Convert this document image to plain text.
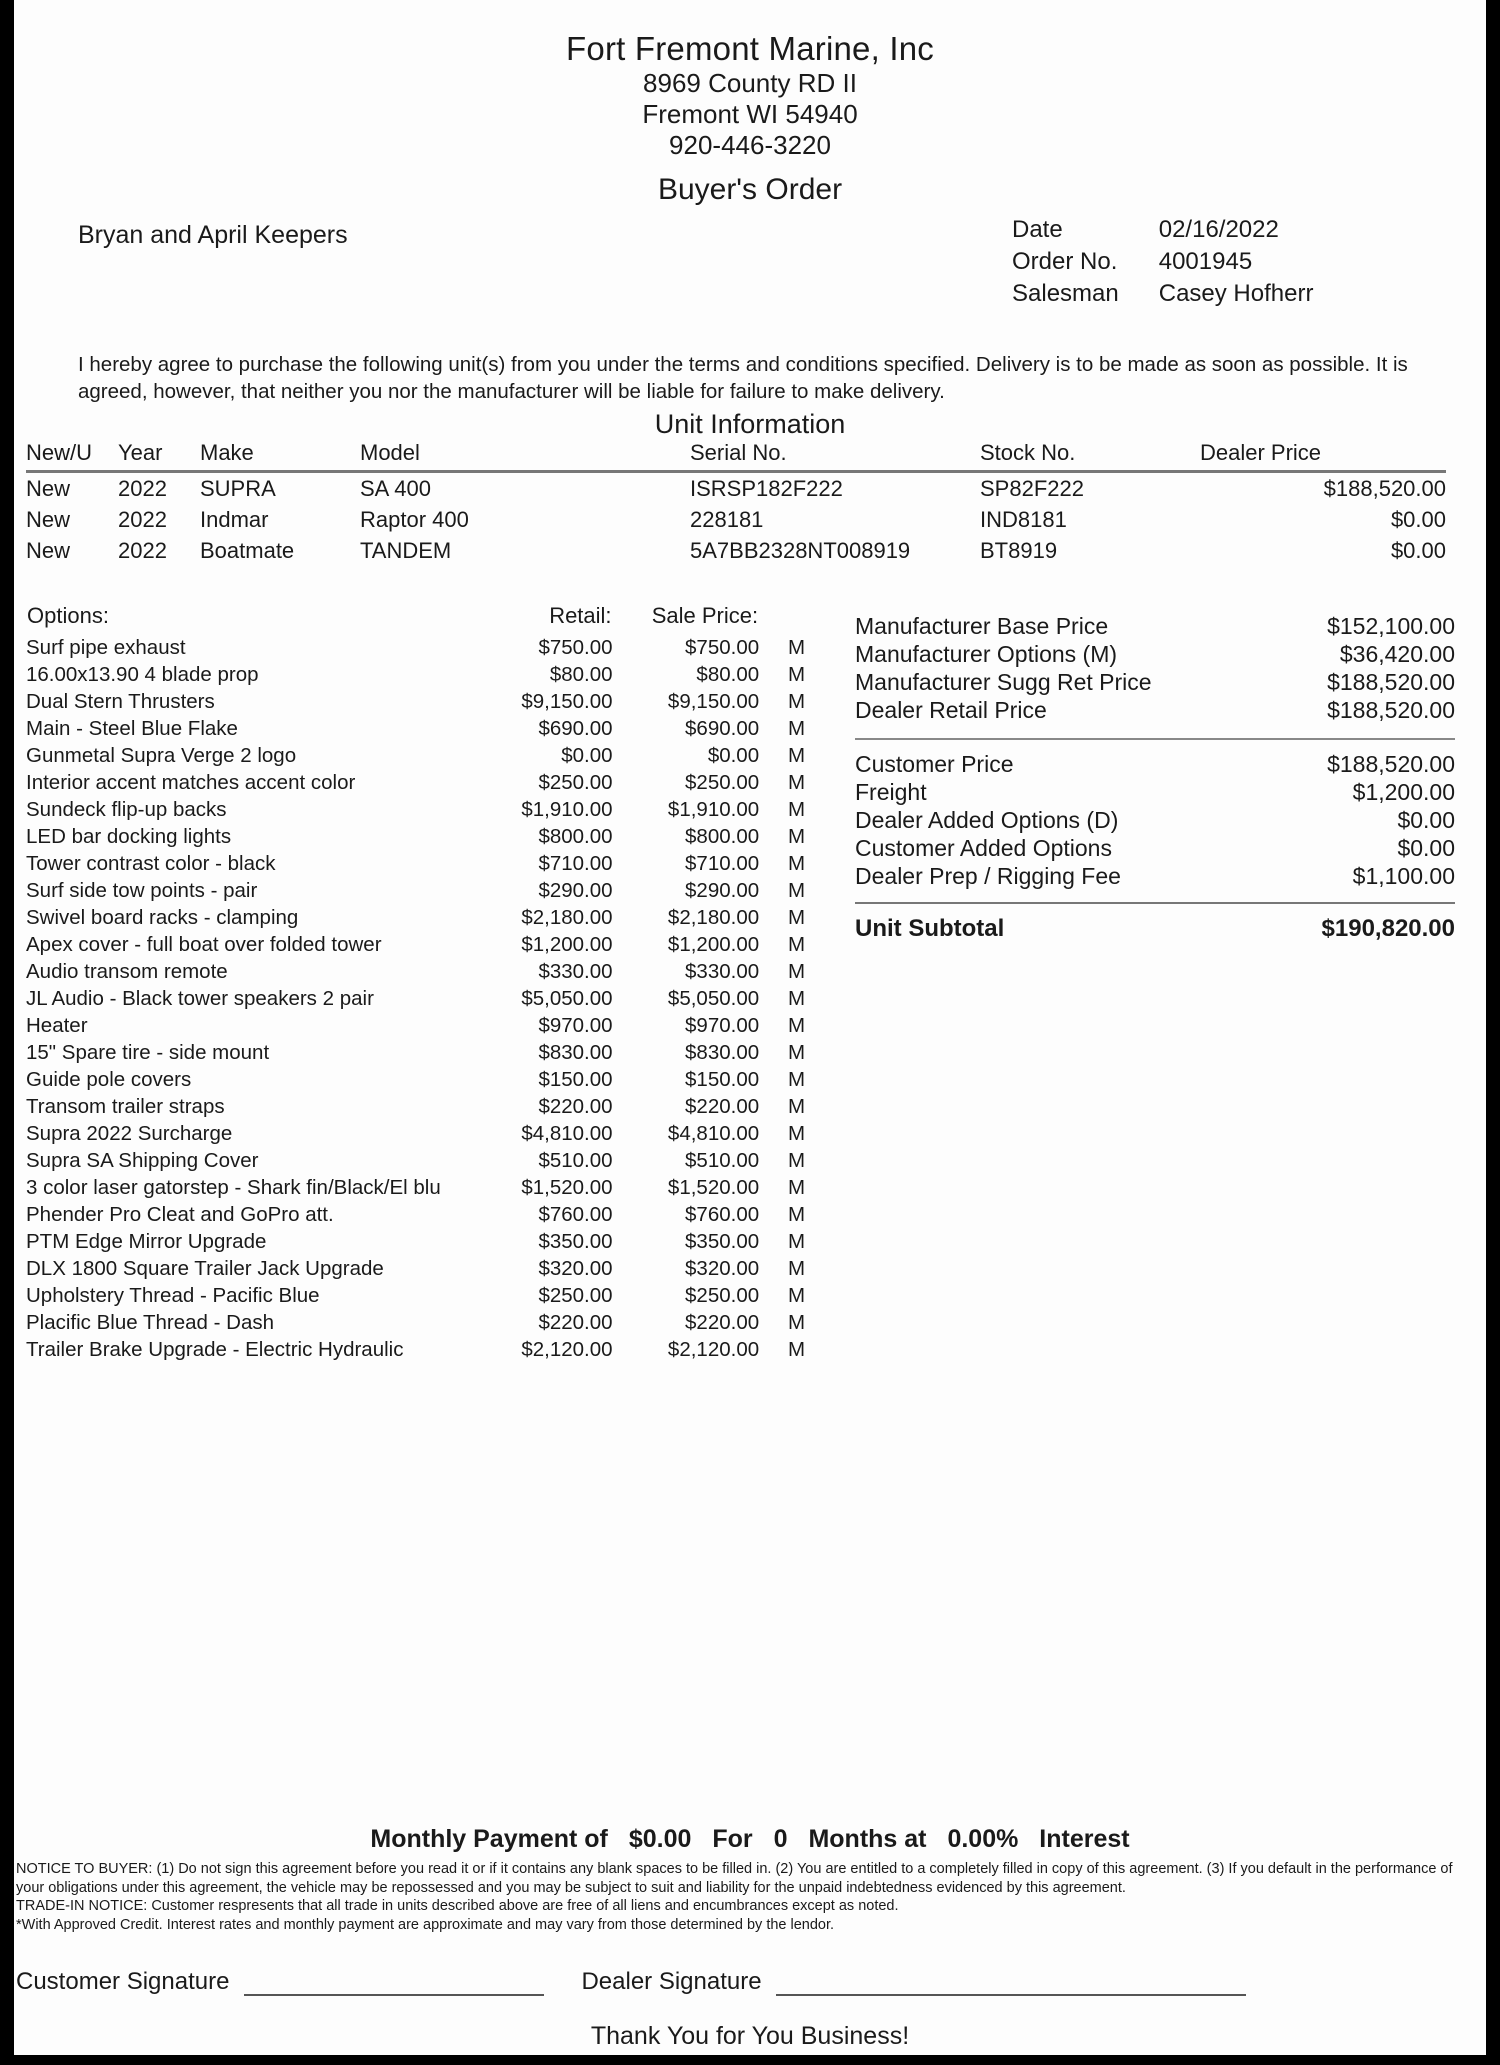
Fort Fremont Marine, Inc
8969 County RD II
Fremont WI 54940
920-446-3220
Buyer's Order
Bryan and April Keepers	Date	02/16/2022
Order No.	4001945
Salesman	Casey Hofherr
I hereby agree to purchase the following unit(s) from you under the terms and conditions specified. Delivery is to be made as soon as possible. It is agreed, however, that neither you nor the manufacturer will be liable for failure to make delivery.
Unit Information
New/U	Year	Make	Model	Serial No.	Stock No.	Dealer Price
New	2022	SUPRA	SA 400	ISRSP182F222	SP82F222	$188,520.00
New	2022	Indmar	Raptor 400	228181	IND8181	$0.00
New	2022	Boatmate	TANDEM	5A7BB2328NT008919	BT8919	$0.00
Options:	Retail:	Sale Price:	
Surf pipe exhaust	$750.00	$750.00	M
16.00x13.90 4 blade prop	$80.00	$80.00	M
Dual Stern Thrusters	$9,150.00	$9,150.00	M
Main - Steel Blue Flake	$690.00	$690.00	M
Gunmetal Supra Verge 2 logo	$0.00	$0.00	M
Interior accent matches accent color	$250.00	$250.00	M
Sundeck flip-up backs	$1,910.00	$1,910.00	M
LED bar docking lights	$800.00	$800.00	M
Tower contrast color - black	$710.00	$710.00	M
Surf side tow points - pair	$290.00	$290.00	M
Swivel board racks - clamping	$2,180.00	$2,180.00	M
Apex cover - full boat over folded tower	$1,200.00	$1,200.00	M
Audio transom remote	$330.00	$330.00	M
JL Audio - Black tower speakers 2 pair	$5,050.00	$5,050.00	M
Heater	$970.00	$970.00	M
15" Spare tire - side mount	$830.00	$830.00	M
Guide pole covers	$150.00	$150.00	M
Transom trailer straps	$220.00	$220.00	M
Supra 2022 Surcharge	$4,810.00	$4,810.00	M
Supra SA Shipping Cover	$510.00	$510.00	M
3 color laser gatorstep - Shark fin/Black/El blu	$1,520.00	$1,520.00	M
Phender Pro Cleat and GoPro att.	$760.00	$760.00	M
PTM Edge Mirror Upgrade	$350.00	$350.00	M
DLX 1800 Square Trailer Jack Upgrade	$320.00	$320.00	M
Upholstery Thread - Pacific Blue	$250.00	$250.00	M
Placific Blue Thread - Dash	$220.00	$220.00	M
Trailer Brake Upgrade - Electric Hydraulic	$2,120.00	$2,120.00	M
Manufacturer Base Price	$152,100.00
Manufacturer Options (M)	$36,420.00
Manufacturer Sugg Ret Price	$188,520.00
Dealer Retail Price	$188,520.00
Customer Price	$188,520.00
Freight	$1,200.00
Dealer Added Options (D)	$0.00
Customer Added Options	$0.00
Dealer Prep / Rigging Fee	$1,100.00
Unit Subtotal	$190,820.00
Monthly Payment of $0.00 For 0 Months at 0.00% Interest

NOTICE TO BUYER: (1) Do not sign this agreement before you read it or if it contains any blank spaces to be filled in. (2) You are entitled to a completely filled in copy of this agreement. (3) If you default in the performance of your obligations under this agreement, the vehicle may be repossessed and you may be subject to suit and liability for the unpaid indebtedness evidenced by this agreement.

TRADE-IN NOTICE: Customer respresents that all trade in units described above are free of all liens and encumbrances except as noted.

*With Approved Credit. Interest rates and monthly payment are approximate and may vary from those determined by the lendor.

Customer Signature	Dealer Signature
Thank You for You Business!
